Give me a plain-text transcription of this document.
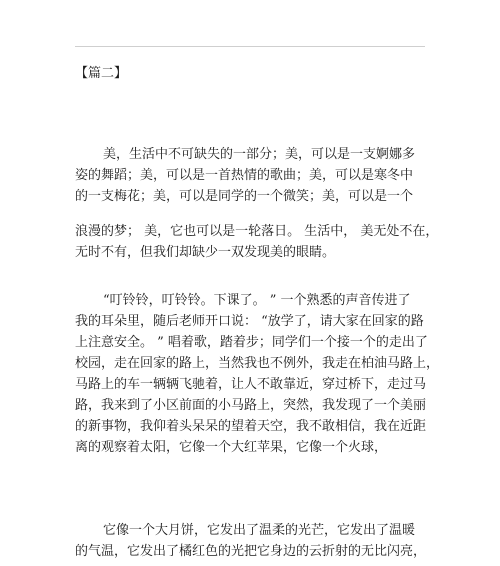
【篇二】
美，生活中不可缺失的一部分；美，可以是一支婀娜多
姿的舞蹈；美，可以是一首热情的歌曲；美，可以是寒冬中
的一支梅花；美，可以是同学的一个微笑；美，可以是一个
浪漫的梦； 美，它也可以是一轮落日。 生活中， 美无处不在，
无时不有，但我们却缺少一双发现美的眼睛。
“叮铃铃，叮铃铃。下课了。 ” 一个熟悉的声音传进了
我的耳朵里，随后老师开口说： “放学了，请大家在回家的路
上注意安全。 ” 唱着歌，踏着步；同学们一个接一个的走出了
校园，走在回家的路上，当然我也不例外，我走在柏油马路上，
马路上的车一辆辆飞驰着，让人不敢靠近，穿过桥下，走过马
路，我来到了小区前面的小马路上，突然，我发现了一个美丽
的新事物，我仰着头呆呆的望着天空，我不敢相信，我在近距
离的观察着太阳，它像一个大红苹果，它像一个火球，
它像一个大月饼，它发出了温柔的光芒，它发出了温暖
的气温，它发出了橘红色的光把它身边的云折射的无比闪亮，
